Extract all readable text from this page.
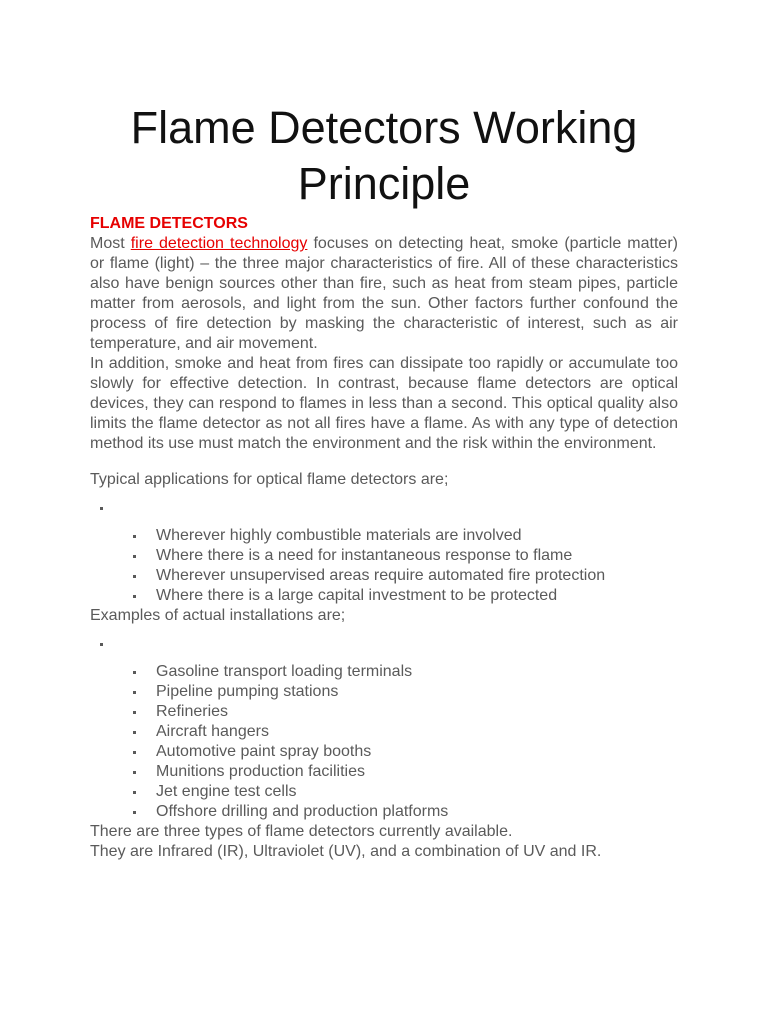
Flame Detectors Working Principle

FLAME DETECTORS

Most fire detection technology focuses on detecting heat, smoke (particle matter) or flame (light) – the three major characteristics of fire. All of these characteristics also have benign sources other than fire, such as heat from steam pipes, particle matter from aerosols, and light from the sun. Other factors further confound the process of fire detection by masking the characteristic of interest, such as air temperature, and air movement.

In addition, smoke and heat from fires can dissipate too rapidly or accumulate too slowly for effective detection. In contrast, because flame detectors are optical devices, they can respond to flames in less than a second. This optical quality also limits the flame detector as not all fires have a flame. As with any type of detection method its use must match the environment and the risk within the environment.

Typical applications for optical flame detectors are;

Wherever highly combustible materials are involved
Where there is a need for instantaneous response to flame
Wherever unsupervised areas require automated fire protection
Where there is a large capital investment to be protected

Examples of actual installations are;

Gasoline transport loading terminals
Pipeline pumping stations
Refineries
Aircraft hangers
Automotive paint spray booths
Munitions production facilities
Jet engine test cells
Offshore drilling and production platforms

There are three types of flame detectors currently available.

They are Infrared (IR), Ultraviolet (UV), and a combination of UV and IR.
